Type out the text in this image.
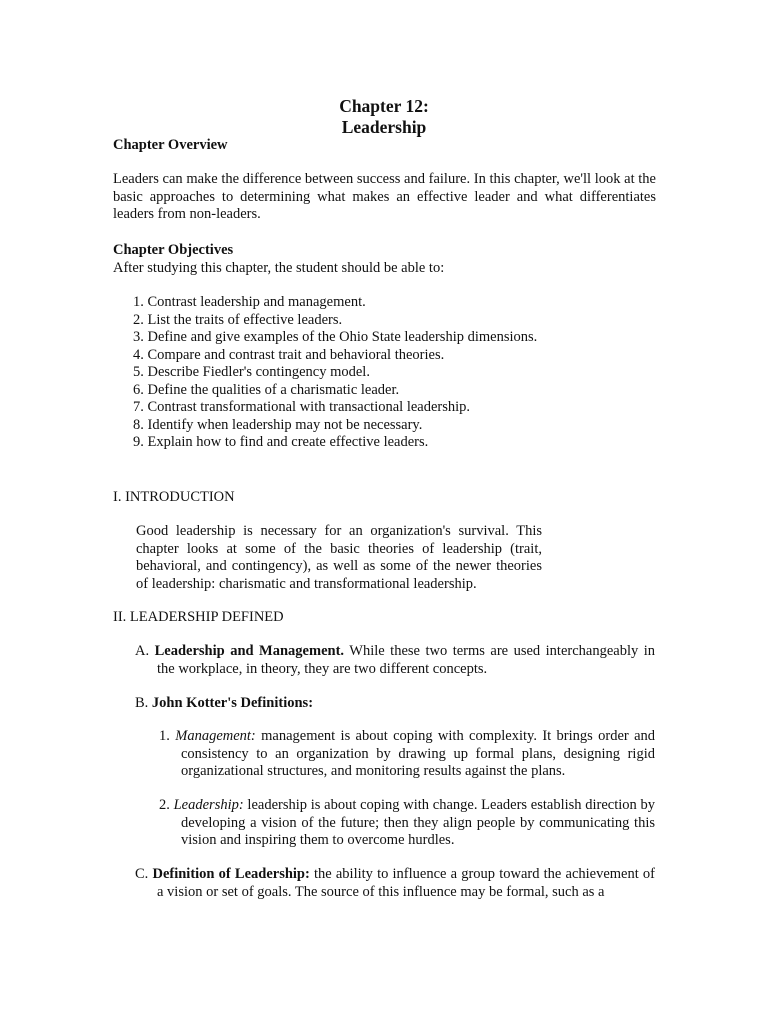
Chapter 12:
Leadership
Chapter Overview
Leaders can make the difference between success and failure. In this chapter, we'll look at the basic approaches to determining what makes an effective leader and what differentiates leaders from non-leaders.
Chapter Objectives
After studying this chapter, the student should be able to:
1. Contrast leadership and management.
2. List the traits of effective leaders.
3. Define and give examples of the Ohio State leadership dimensions.
4. Compare and contrast trait and behavioral theories.
5. Describe Fiedler's contingency model.
6. Define the qualities of a charismatic leader.
7. Contrast transformational with transactional leadership.
8. Identify when leadership may not be necessary.
9. Explain how to find and create effective leaders.
I. INTRODUCTION
Good leadership is necessary for an organization's survival. This chapter looks at some of the basic theories of leadership (trait, behavioral, and contingency), as well as some of the newer theories of leadership: charismatic and transformational leadership.
II. LEADERSHIP DEFINED
A. Leadership and Management. While these two terms are used interchangeably in the workplace, in theory, they are two different concepts.
B. John Kotter's Definitions:
1. Management: management is about coping with complexity. It brings order and consistency to an organization by drawing up formal plans, designing rigid organizational structures, and monitoring results against the plans.
2. Leadership: leadership is about coping with change. Leaders establish direction by developing a vision of the future; then they align people by communicating this vision and inspiring them to overcome hurdles.
C. Definition of Leadership: the ability to influence a group toward the achievement of a vision or set of goals. The source of this influence may be formal, such as a
